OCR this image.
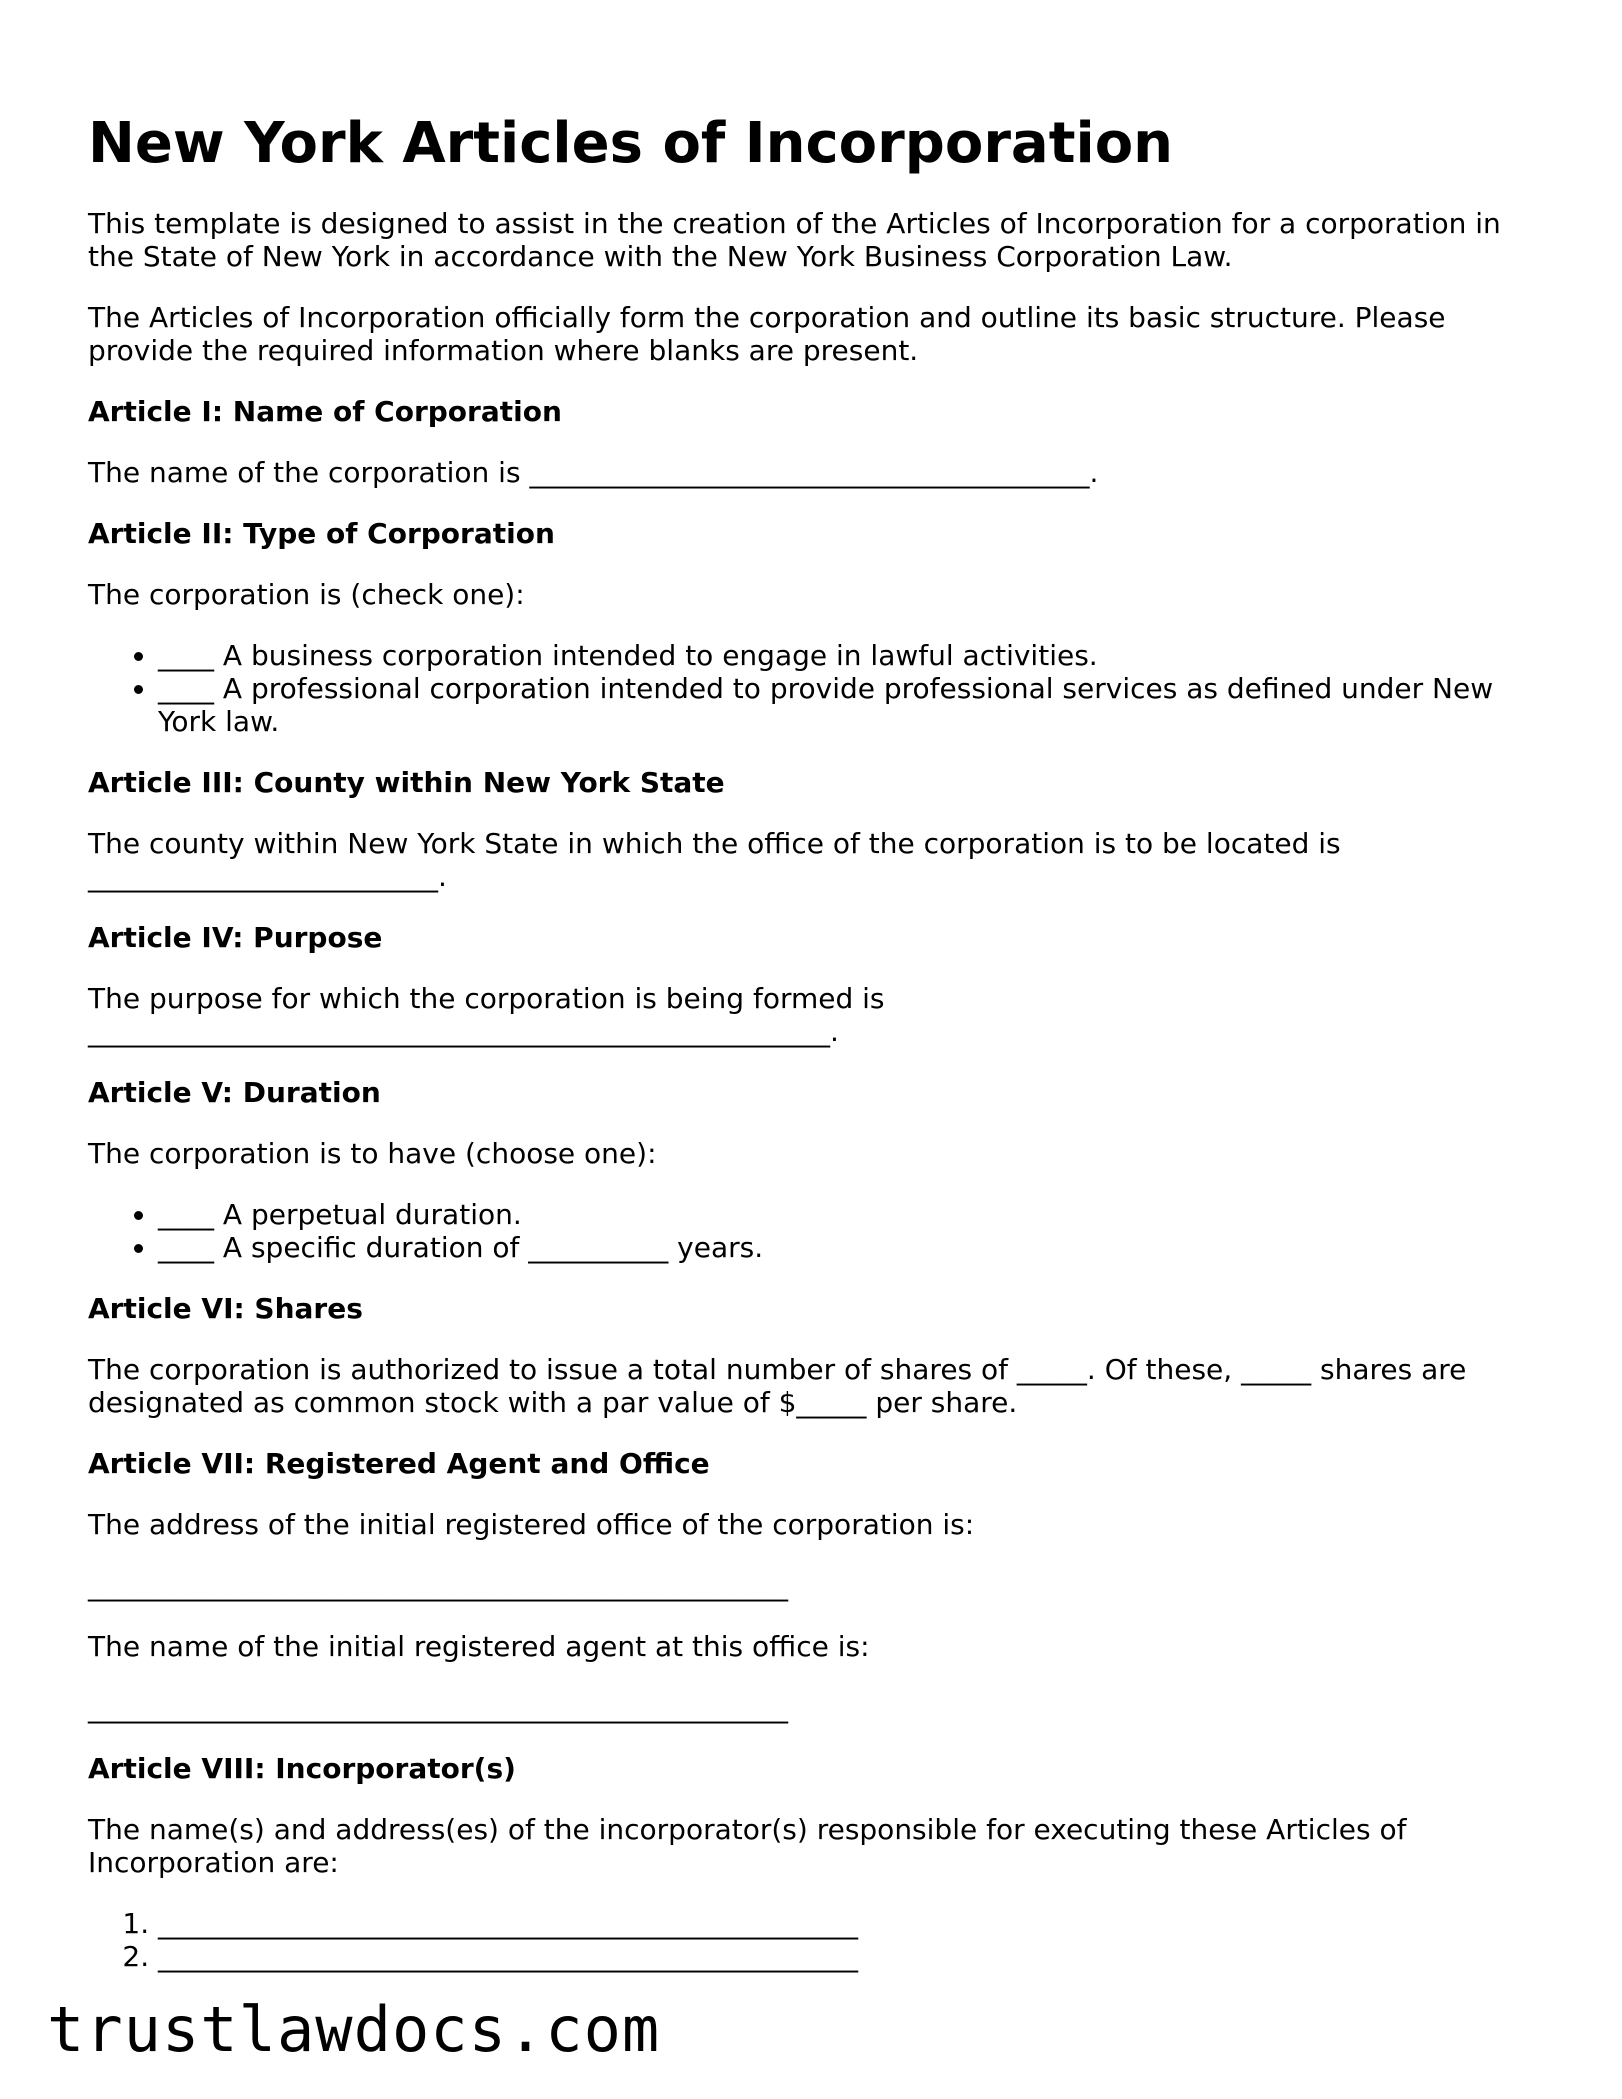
New York Articles of Incorporation

This template is designed to assist in the creation of the Articles of Incorporation for a corporation in the State of New York in accordance with the New York Business Corporation Law.

The Articles of Incorporation officially form the corporation and outline its basic structure. Please provide the required information where blanks are present.

Article I: Name of Corporation

The name of the corporation is ________________________________________.

Article II: Type of Corporation

The corporation is (check one):

• ____ A business corporation intended to engage in lawful activities.
• ____ A professional corporation intended to provide professional services as defined under New York law.
Article III: County within New York State

The county within New York State in which the office of the corporation is to be located is _________________________.

Article IV: Purpose

The purpose for which the corporation is being formed is _____________________________________________________.

Article V: Duration

The corporation is to have (choose one):

• ____ A perpetual duration.
• ____ A specific duration of __________ years.
Article VI: Shares

The corporation is authorized to issue a total number of shares of _____. Of these, _____ shares are designated as common stock with a par value of $_____ per share.

Article VII: Registered Agent and Office

The address of the initial registered office of the corporation is:

__________________________________________________

The name of the initial registered agent at this office is:

__________________________________________________

Article VIII: Incorporator(s)

The name(s) and address(es) of the incorporator(s) responsible for executing these Articles of Incorporation are:

1. __________________________________________________
2. __________________________________________________
trustlawdocs.com
